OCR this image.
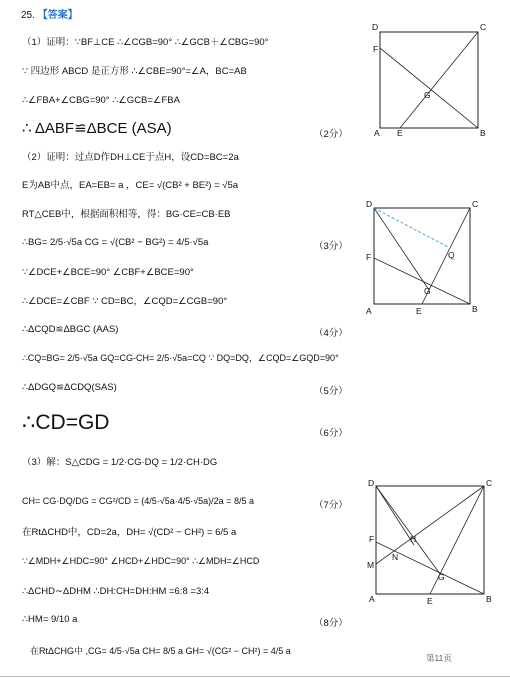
25. 【答案】
（1）证明：∵BF⊥CE ∴∠CGB=90° ∴∠GCB＋∠CBG=90°
∵ 四边形 ABCD 是正方形 ∴∠CBE=90°=∠A，BC=AB
∴∠FBA+∠CBG=90° ∴∠GCB=∠FBA
∴ ΔABF≌ΔBCE (ASA)	（2分）
（2）证明：过点D作DH⊥CE于点H，设CD=BC=2a
E为AB中点，EA=EB= a ，CE= √(CB² + BE²) = √5a
RT△CEB中，根据面积相等，得：BG·CE=CB·EB
∴BG= 2/5·√5a CG = √(CB² − BG²) = 4/5·√5a	（3分）
∵∠DCE+∠BCE=90° ∠CBF+∠BCE=90°
∴∠DCE=∠CBF ∵ CD=BC，∠CQD=∠CGB=90°
∴ΔCQD≌ΔBGC (AAS)	（4分）
∴CQ=BG= 2/5·√5a GQ=CG-CH= 2/5·√5a=CQ ∵ DQ=DQ，∠CQD=∠GQD=90°
∴ΔDGQ≌ΔCDQ(SAS)	（5分）
∴CD=GD	（6分）
（3）解：S△CDG = 1/2·CG·DQ = 1/2·CH·DG
CH= CG·DQ/DG = CG²/CD = (4/5·√5a·4/5·√5a)/2a = 8/5 a	（7分）
在RtΔCHD中，CD=2a，DH= √(CD² − CH²) = 6/5 a
∵∠MDH+∠HDC=90° ∠HCD+∠HDC=90° ∴∠MDH=∠HCD
∴ΔCHD∼ΔDHM ∴DH:CH=DH:HM =6:8 =3:4
∴HM= 9/10 a	（8分）
在RtΔCHG中 ,CG= 4/5·√5a CH= 8/5 a GH= √(CG² − CH²) = 4/5 a
D	C
F
G
A E	B
D	C
F	Q
G
A	E	B
D	C
F	H
N
M
G
A	E	B
第11页
